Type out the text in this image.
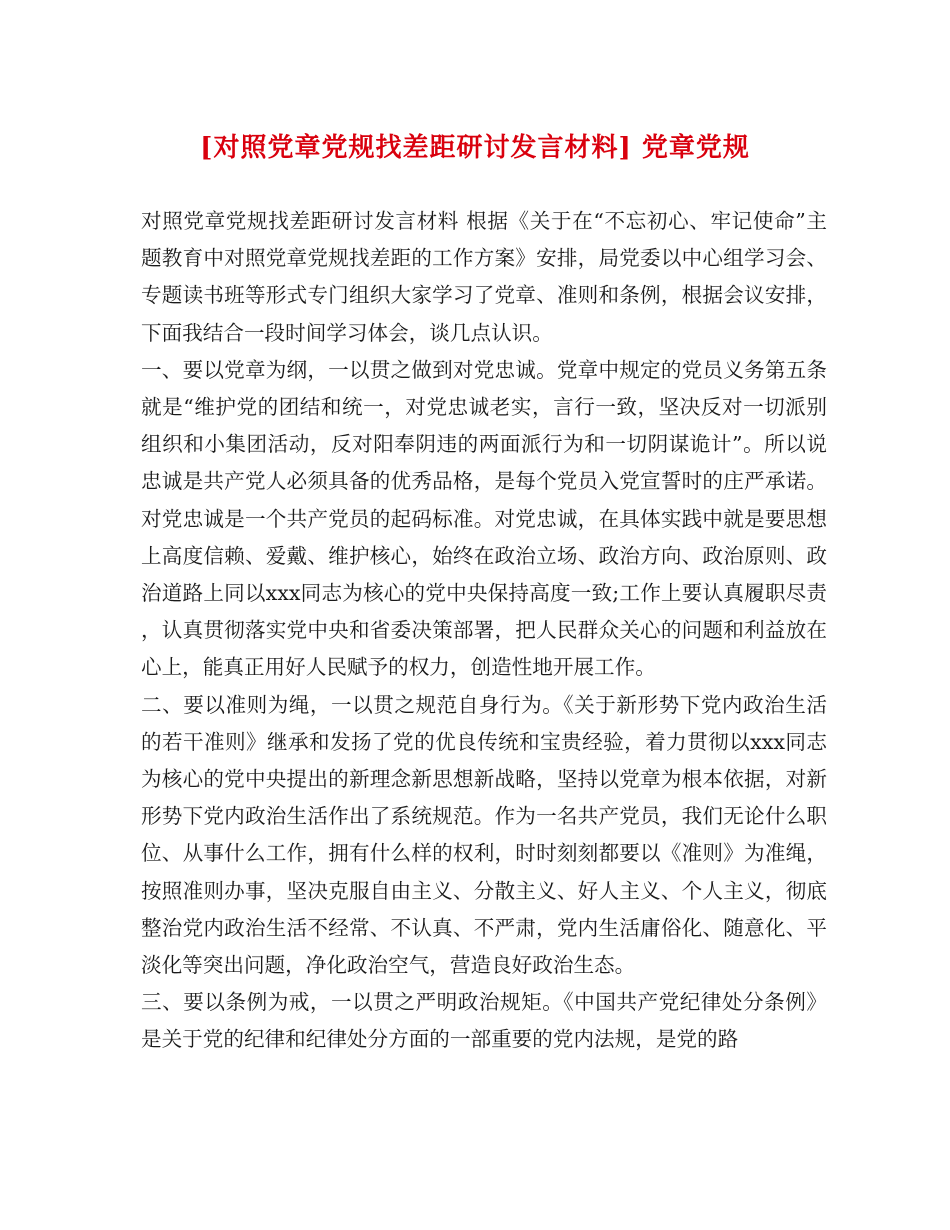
[对照党章党规找差距研讨发言材料] 党章党规

对照党章党规找差距研讨发言材料 根据《关于在“不忘初心、牢记使命”主题教育中对照党章党规找差距的工作方案》安排，局党委以中心组学习会、专题读书班等形式专门组织大家学习了党章、准则和条例，根据会议安排，下面我结合一段时间学习体会，谈几点认识。

一、要以党章为纲，一以贯之做到对党忠诚。党章中规定的党员义务第五条就是“维护党的团结和统一，对党忠诚老实，言行一致，坚决反对一切派别组织和小集团活动，反对阳奉阴违的两面派行为和一切阴谋诡计”。所以说忠诚是共产党人必须具备的优秀品格，是每个党员入党宣誓时的庄严承诺。对党忠诚是一个共产党员的起码标准。对党忠诚，在具体实践中就是要思想上高度信赖、爱戴、维护核心，始终在政治立场、政治方向、政治原则、政治道路上同以xxx同志为核心的党中央保持高度一致;工作上要认真履职尽责，认真贯彻落实党中央和省委决策部署，把人民群众关心的问题和利益放在心上，能真正用好人民赋予的权力，创造性地开展工作。

二、要以准则为绳，一以贯之规范自身行为。《关于新形势下党内政治生活的若干准则》继承和发扬了党的优良传统和宝贵经验，着力贯彻以xxx同志为核心的党中央提出的新理念新思想新战略，坚持以党章为根本依据，对新形势下党内政治生活作出了系统规范。作为一名共产党员，我们无论什么职位、从事什么工作，拥有什么样的权利，时时刻刻都要以《准则》为准绳，按照准则办事，坚决克服自由主义、分散主义、好人主义、个人主义，彻底整治党内政治生活不经常、不认真、不严肃，党内生活庸俗化、随意化、平淡化等突出问题，净化政治空气，营造良好政治生态。

三、要以条例为戒，一以贯之严明政治规矩。《中国共产党纪律处分条例》是关于党的纪律和纪律处分方面的一部重要的党内法规，是党的路
